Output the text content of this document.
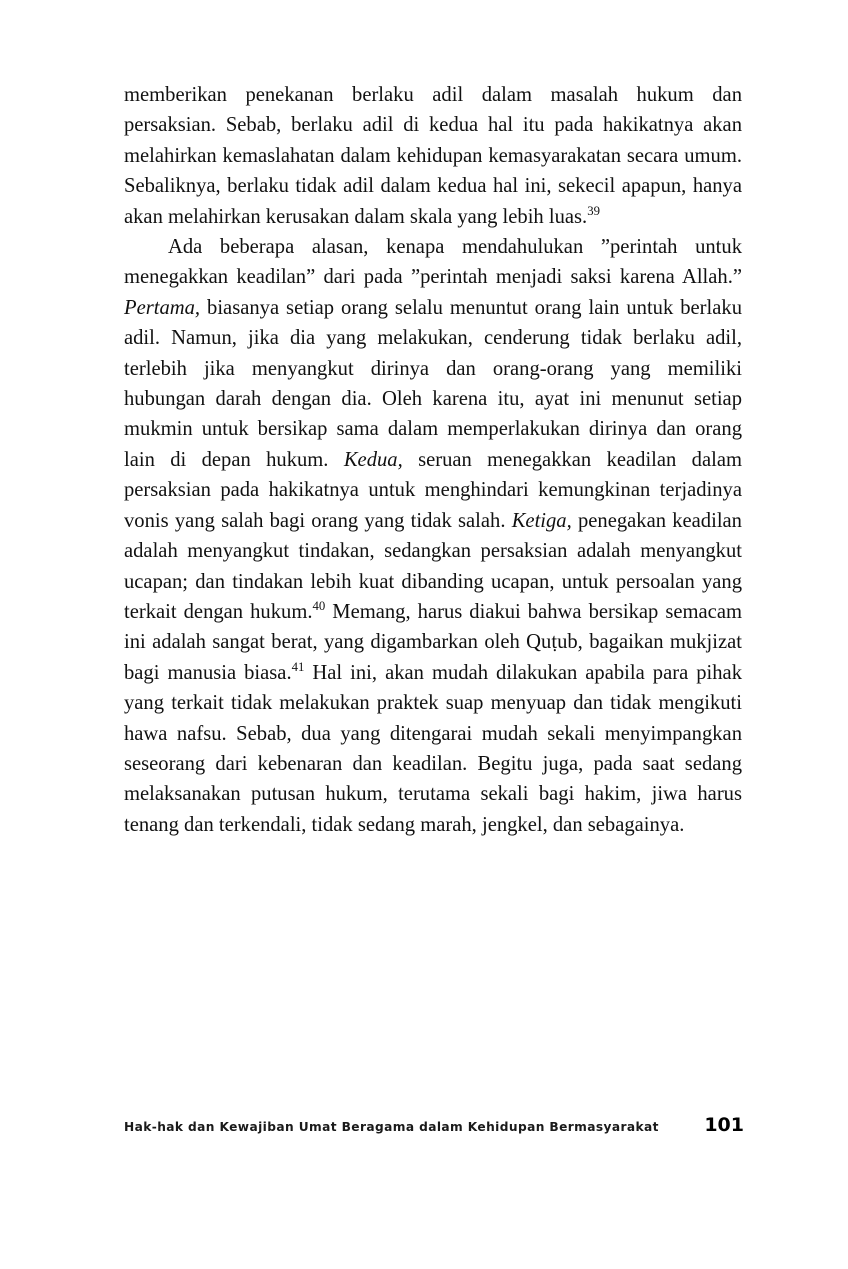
memberikan penekanan berlaku adil dalam masalah hukum dan persaksian. Sebab, berlaku adil di kedua hal itu pada hakikatnya akan melahirkan kemaslahatan dalam kehidupan kemasyarakatan secara umum. Sebaliknya, berlaku tidak adil dalam kedua hal ini, sekecil apapun, hanya akan melahirkan kerusakan dalam skala yang lebih luas.$^{39}$

Ada beberapa alasan, kenapa mendahulukan ”perintah untuk menegakkan keadilan” dari pada ”perintah menjadi saksi karena Allah.” Pertama, biasanya setiap orang selalu menuntut orang lain untuk berlaku adil. Namun, jika dia yang melakukan, cenderung tidak berlaku adil, terlebih jika menyangkut dirinya dan orang-orang yang memiliki hubungan darah dengan dia. Oleh karena itu, ayat ini menunut setiap mukmin untuk bersikap sama dalam memperlakukan dirinya dan orang lain di depan hukum. Kedua, seruan menegakkan keadilan dalam persaksian pada hakikatnya untuk menghindari kemungkinan terjadinya vonis yang salah bagi orang yang tidak salah. Ketiga, penegakan keadilan adalah menyangkut tindakan, sedangkan persaksian adalah menyangkut ucapan; dan tindakan lebih kuat dibanding ucapan, untuk persoalan yang terkait dengan hukum.$^{40}$ Memang, harus diakui bahwa bersikap semacam ini adalah sangat berat, yang digambarkan oleh Quṭub, bagaikan mukjizat bagi manusia biasa.$^{41}$ Hal ini, akan mudah dilakukan apabila para pihak yang terkait tidak melakukan praktek suap menyuap dan tidak mengikuti hawa nafsu. Sebab, dua yang ditengarai mudah sekali menyimpangkan seseorang dari kebenaran dan keadilan. Begitu juga, pada saat sedang melaksanakan putusan hukum, terutama sekali bagi hakim, jiwa harus tenang dan terkendali, tidak sedang marah, jengkel, dan sebagainya.

Hak-hak dan Kewajiban Umat Beragama dalam Kehidupan Bermasyarakat 101
